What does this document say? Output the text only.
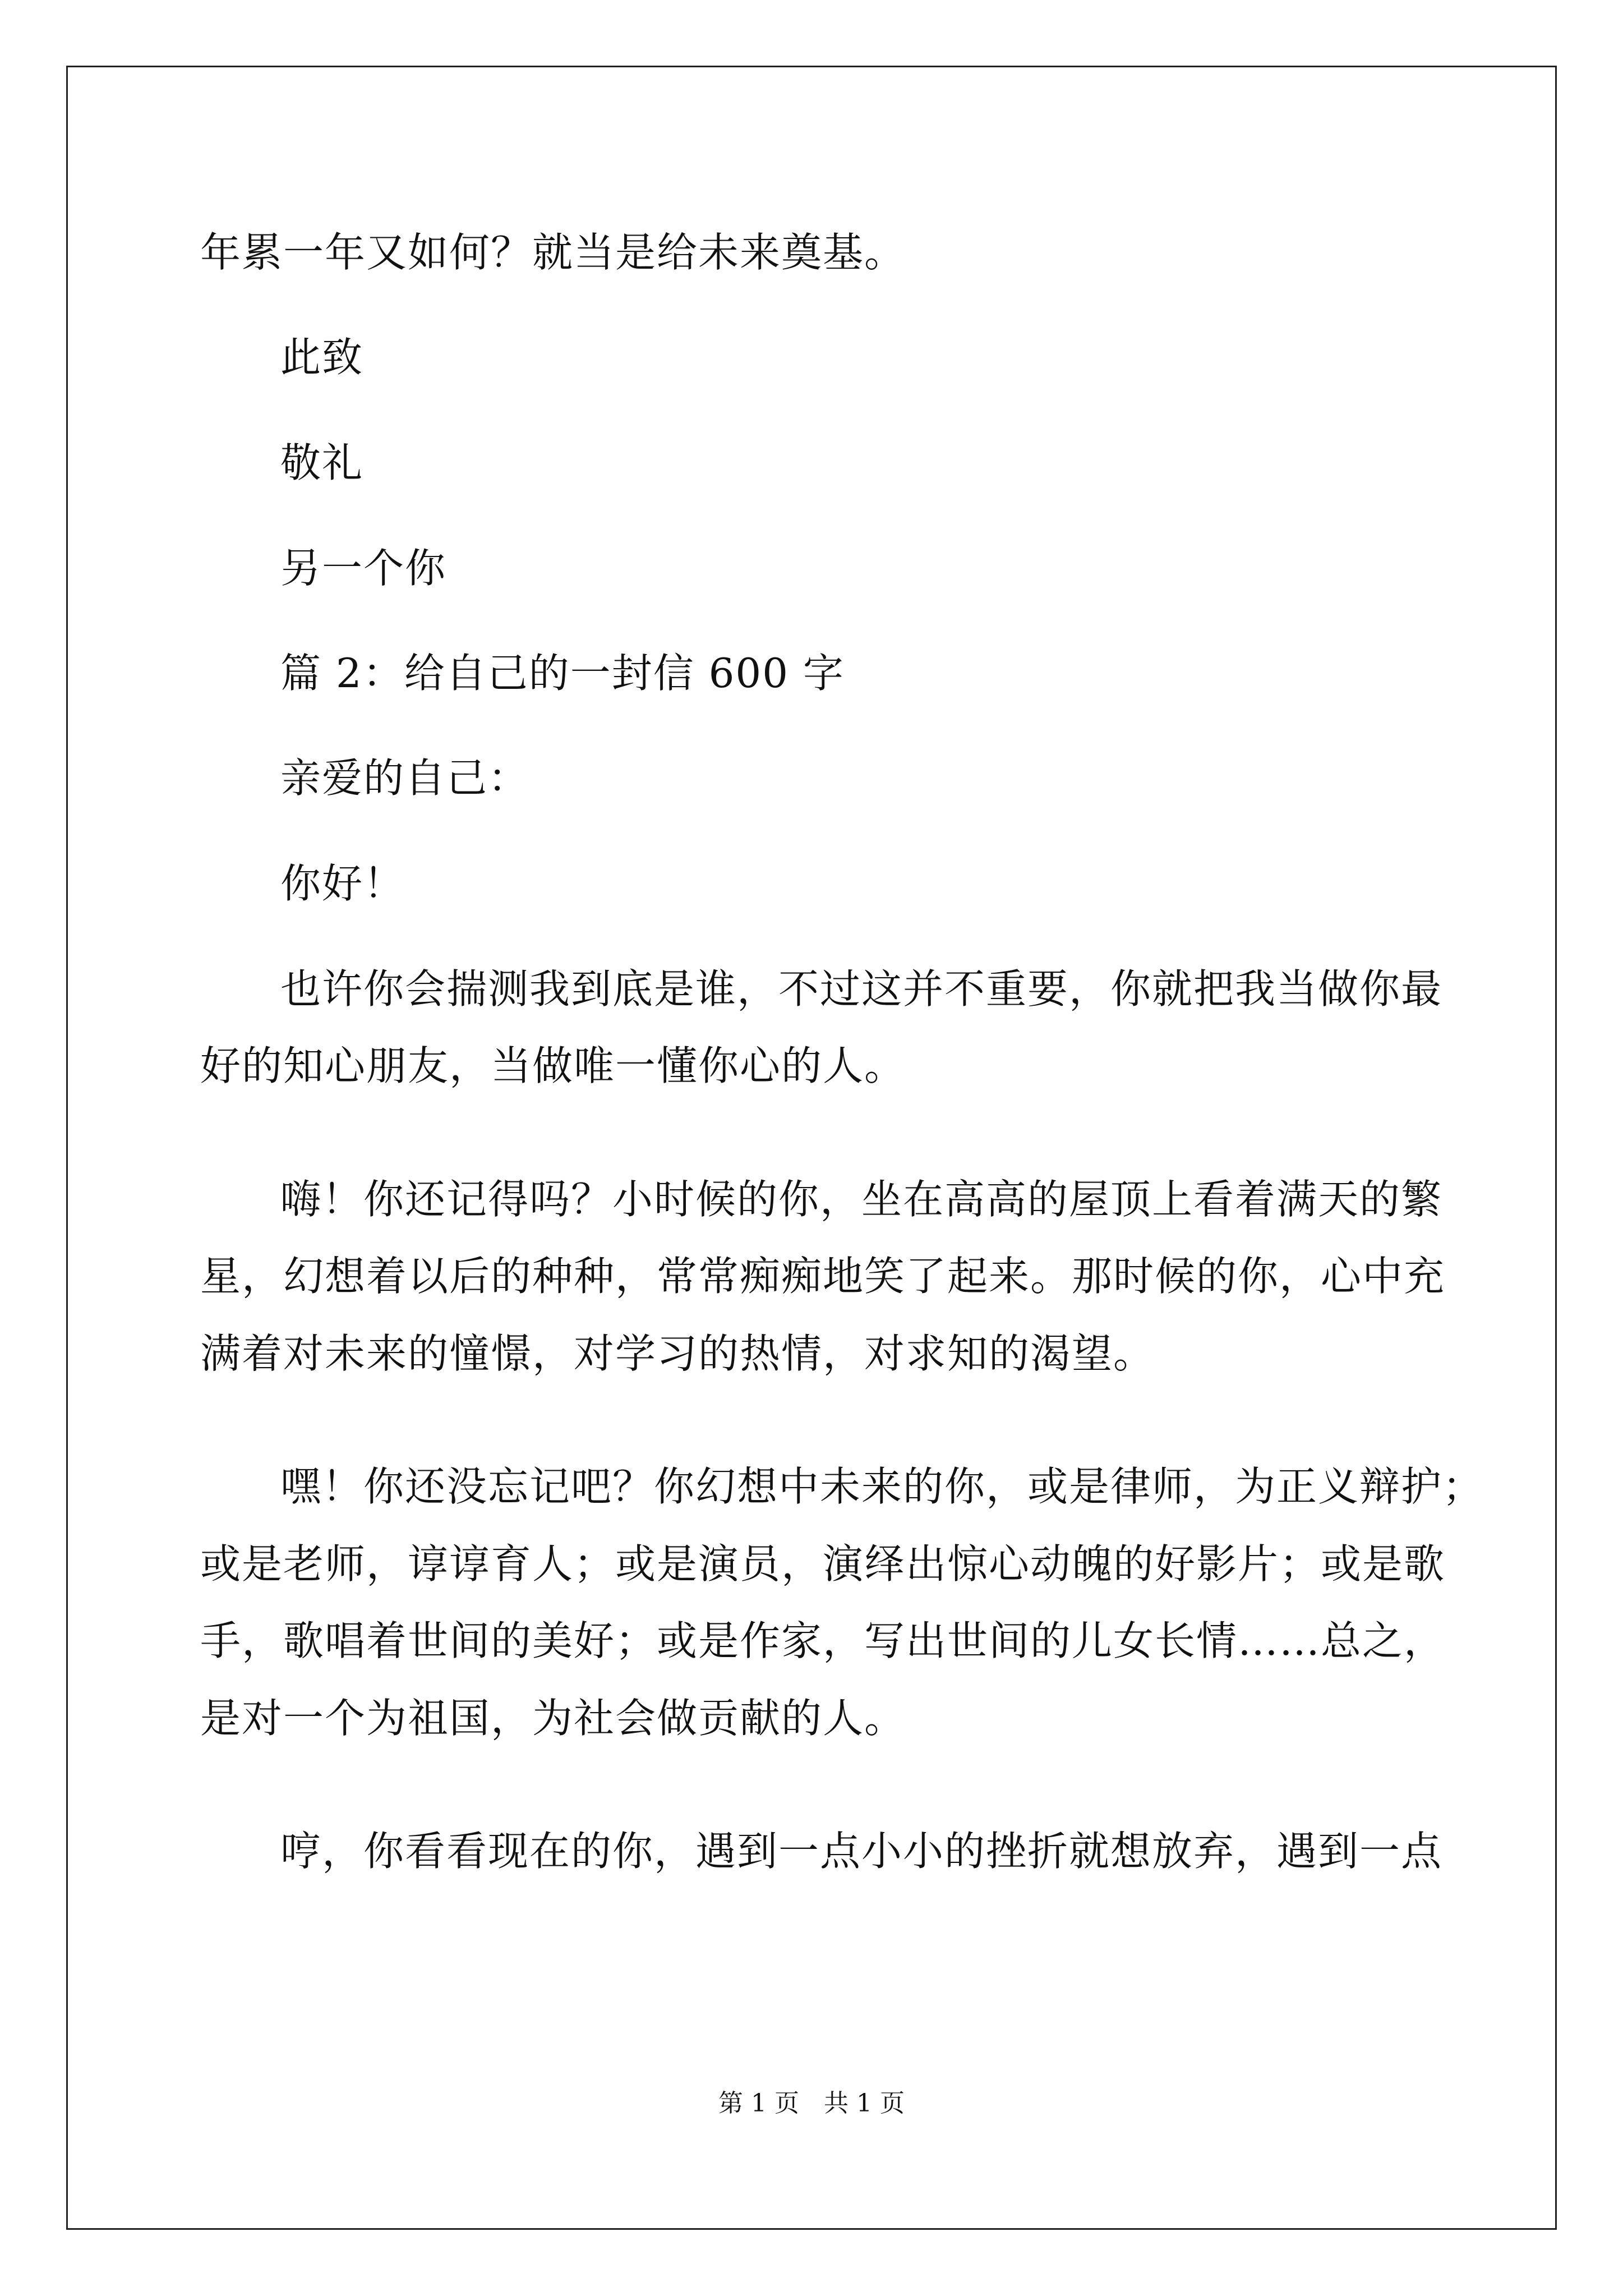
年累一年又如何？就当是给未来奠基。
此致
敬礼
另一个你
篇 2：给自己的一封信 600 字
亲爱的自己：
你好！
也许你会揣测我到底是谁，不过这并不重要，你就把我当做你最
好的知心朋友，当做唯一懂你心的人。
嗨！你还记得吗？小时候的你，坐在高高的屋顶上看着满天的繁
星，幻想着以后的种种，常常痴痴地笑了起来。那时候的你，心中充
满着对未来的憧憬，对学习的热情，对求知的渴望。
嘿！你还没忘记吧？你幻想中未来的你，或是律师，为正义辩护；
或是老师，谆谆育人；或是演员，演绎出惊心动魄的好影片；或是歌
手，歌唱着世间的美好；或是作家，写出世间的儿女长情……总之，
是对一个为祖国，为社会做贡献的人。
哼，你看看现在的你，遇到一点小小的挫折就想放弃，遇到一点
第 1 页　共 1 页
